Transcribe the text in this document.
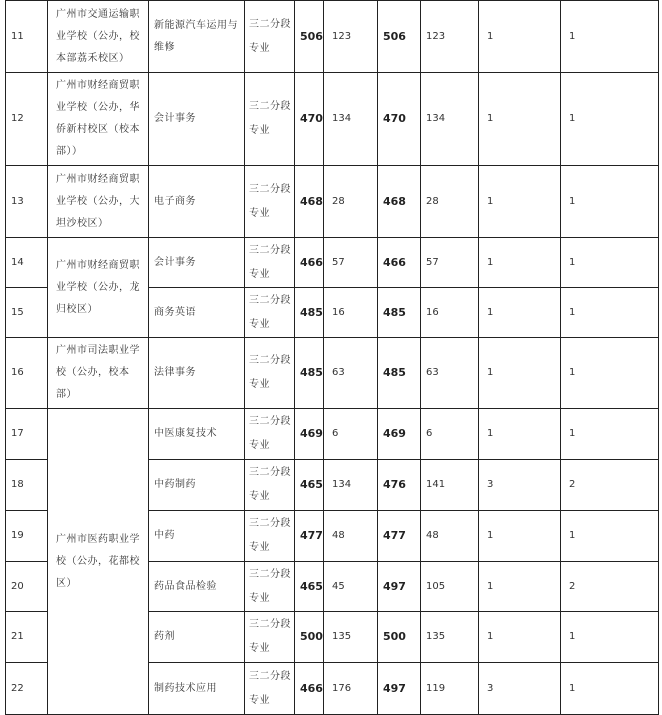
11	广州市交通运输职业学校（公办，校本部荔禾校区）	新能源汽车运用与维修	三二分段专业	506	123	506	123	1	1
12	广州市财经商贸职业学校（公办，华侨新村校区（校本部））	会计事务	三二分段专业	470	134	470	134	1	1
13	广州市财经商贸职业学校（公办，大坦沙校区）	电子商务	三二分段专业	468	28	468	28	1	1
14	广州市财经商贸职业学校（公办，龙归校区）	会计事务	三二分段专业	466	57	466	57	1	1
15		商务英语	三二分段专业	485	16	485	16	1	1
16	广州市司法职业学校（公办，校本部）	法律事务	三二分段专业	485	63	485	63	1	1
17	广州市医药职业学校（公办，花都校区）	中医康复技术	三二分段专业	469	6	469	6	1	1
18		中药制药	三二分段专业	465	134	476	141	3	2
19		中药	三二分段专业	477	48	477	48	1	1
20		药品食品检验	三二分段专业	465	45	497	105	1	2
21		药剂	三二分段专业	500	135	500	135	1	1
22		制药技术应用	三二分段专业	466	176	497	119	3	1
